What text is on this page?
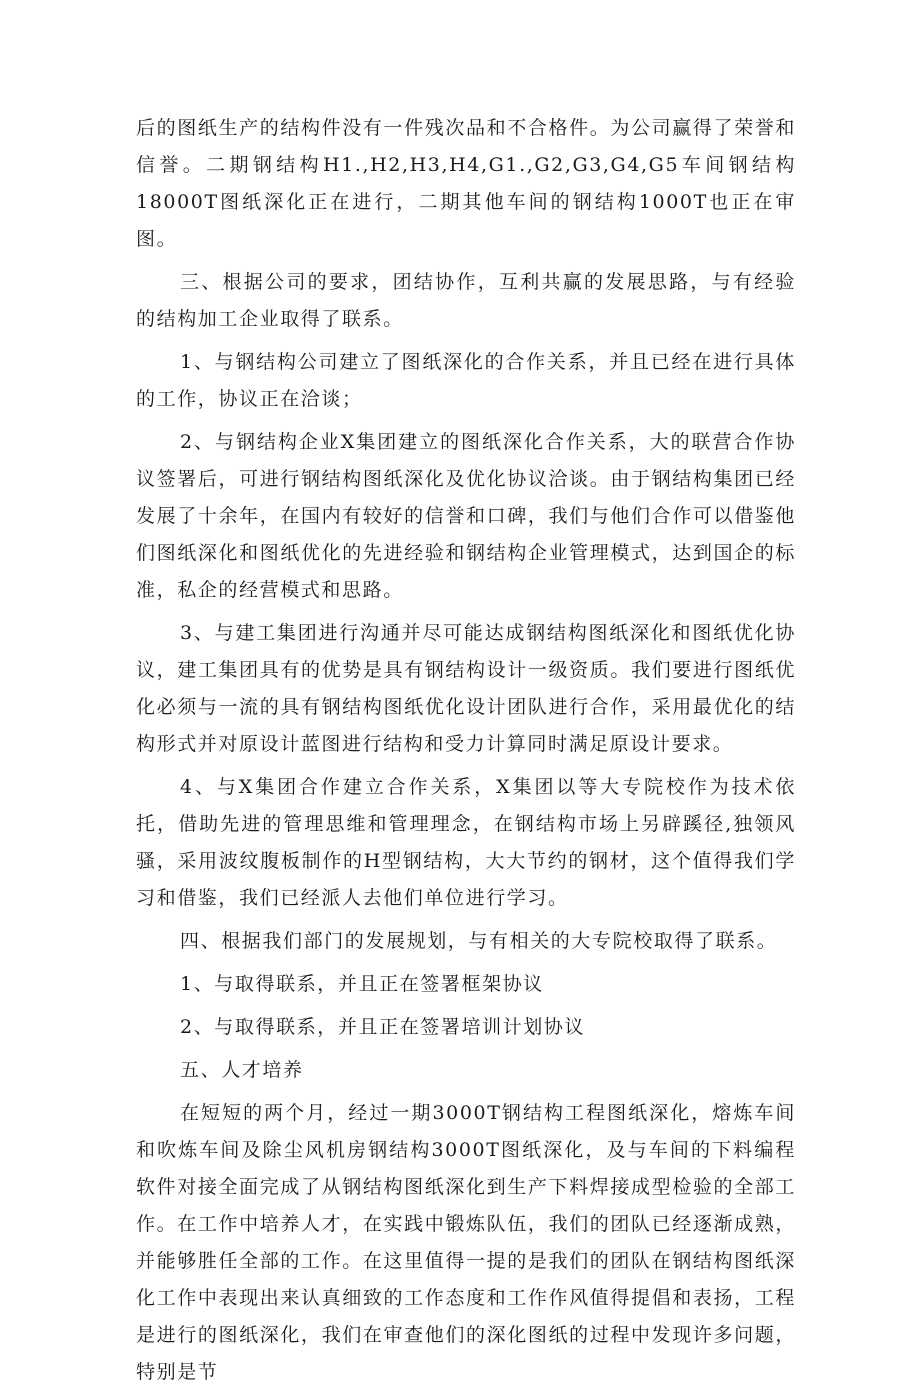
后的图纸生产的结构件没有一件残次品和不合格件。为公司赢得了荣誉和信誉。二期钢结构H1.,H2,H3,H4,G1.,G2,G3,G4,G5车间钢结构18000T图纸深化正在进行，二期其他车间的钢结构1000T也正在审图。

三、根据公司的要求，团结协作，互利共赢的发展思路，与有经验的结构加工企业取得了联系。

1、与钢结构公司建立了图纸深化的合作关系，并且已经在进行具体的工作，协议正在洽谈；

2、与钢结构企业X集团建立的图纸深化合作关系，大的联营合作协议签署后，可进行钢结构图纸深化及优化协议洽谈。由于钢结构集团已经发展了十余年，在国内有较好的信誉和口碑，我们与他们合作可以借鉴他们图纸深化和图纸优化的先进经验和钢结构企业管理模式，达到国企的标准，私企的经营模式和思路。

3、与建工集团进行沟通并尽可能达成钢结构图纸深化和图纸优化协议，建工集团具有的优势是具有钢结构设计一级资质。我们要进行图纸优化必须与一流的具有钢结构图纸优化设计团队进行合作，采用最优化的结构形式并对原设计蓝图进行结构和受力计算同时满足原设计要求。

4、与X集团合作建立合作关系，X集团以等大专院校作为技术依托，借助先进的管理思维和管理理念，在钢结构市场上另辟蹊径,独领风骚，采用波纹腹板制作的H型钢结构，大大节约的钢材，这个值得我们学习和借鉴，我们已经派人去他们单位进行学习。

四、根据我们部门的发展规划，与有相关的大专院校取得了联系。

1、与取得联系，并且正在签署框架协议

2、与取得联系，并且正在签署培训计划协议

五、人才培养

在短短的两个月，经过一期3000T钢结构工程图纸深化，熔炼车间和吹炼车间及除尘风机房钢结构3000T图纸深化，及与车间的下料编程软件对接全面完成了从钢结构图纸深化到生产下料焊接成型检验的全部工作。在工作中培养人才，在实践中锻炼队伍，我们的团队已经逐渐成熟，并能够胜任全部的工作。在这里值得一提的是我们的团队在钢结构图纸深化工作中表现出来认真细致的工作态度和工作作风值得提倡和表扬，工程是进行的图纸深化，我们在审查他们的深化图纸的过程中发现许多问题，特别是节
